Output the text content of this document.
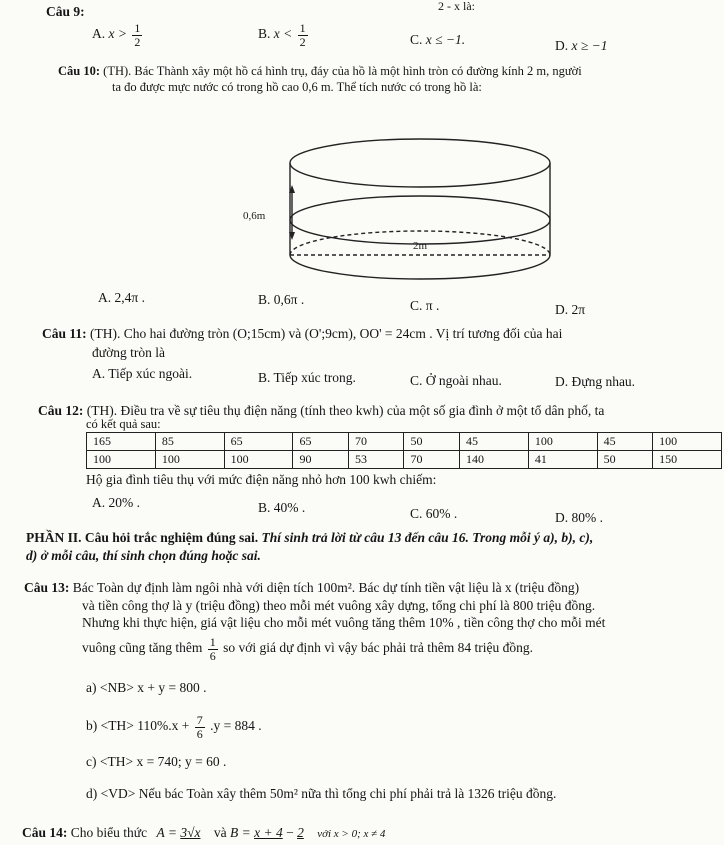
Câu 9:	2 - x là:
A. $x > \frac{1}{2}$	B. $x < \frac{1}{2}$	C. x ≤ −1.	D. x ≥ −1
Câu 10: (TH). Bác Thành xây một hồ cá hình trụ, đáy của hồ là một hình tròn có đường kính 2 m, người
ta đo được mực nước có trong hồ cao 0,6 m. Thể tích nước có trong hồ là:
0,6m
2m
A. 2,4π .	B. 0,6π .	C. π .	D. 2π
Câu 11: (TH). Cho hai đường tròn (O;15cm) và (O';9cm), OO' = 24cm . Vị trí tương đối của hai
đường tròn là
A. Tiếp xúc ngoài.	B. Tiếp xúc trong.	C. Ở ngoài nhau.	D. Đựng nhau.
Câu 12: (TH). Điều tra về sự tiêu thụ điện năng (tính theo kwh) của một số gia đình ở một tổ dân phố, ta
có kết quả sau:
165	85	65	65	70	50	45	100	45	100
100	100	100	90	53	70	140	41	50	150
Hộ gia đình tiêu thụ với mức điện năng nhỏ hơn 100 kwh chiếm:
A. 20% .	B. 40% .	C. 60% .	D. 80% .
PHẦN II. Câu hỏi trắc nghiệm đúng sai. Thí sinh trả lời từ câu 13 đến câu 16. Trong mỗi ý a), b), c),
d) ở mỗi câu, thí sinh chọn đúng hoặc sai.
Câu 13: Bác Toàn dự định làm ngôi nhà với diện tích 100m². Bác dự tính tiền vật liệu là x (triệu đồng)
và tiền công thợ là y (triệu đồng) theo mỗi mét vuông xây dựng, tổng chi phí là 800 triệu đồng.
Nhưng khi thực hiện, giá vật liệu cho mỗi mét vuông tăng thêm 10% , tiền công thợ cho mỗi mét
vuông cũng tăng thêm $\frac{1}{6}$ so với giá dự định vì vậy bác phải trả thêm 84 triệu đồng.
a) <NB> x + y = 800 .
$b) <TH> 110\%.x + \frac{7}{6} .y = 884$ .
c) <TH> x = 740; y = 60 .
d) <VD> Nếu bác Toàn xây thêm 50m² nữa thì tổng chi phí phải trả là 1326 triệu đồng.
Câu 14: Cho biểu thức A = 3√x và B = x + 4 − 2 với x > 0; x ≠ 4
